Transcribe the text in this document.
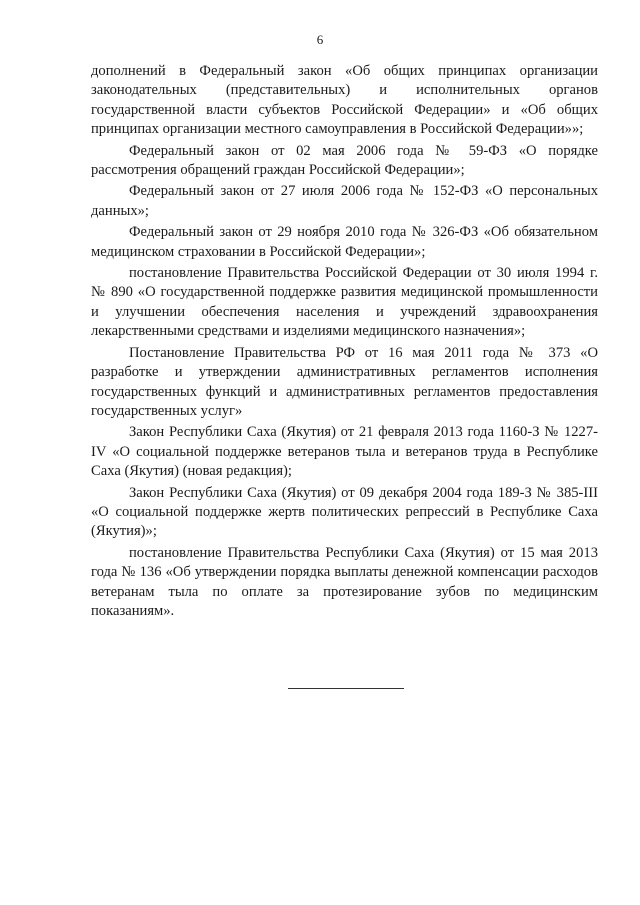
6

дополнений в Федеральный закон «Об общих принципах организации законодательных (представительных) и исполнительных органов государственной власти субъектов Российской Федерации» и «Об общих принципах организации местного самоуправления в Российской Федерации»»;

Федеральный закон от 02 мая 2006 года № 59-ФЗ «О порядке рассмотрения обращений граждан Российской Федерации»;

Федеральный закон от 27 июля 2006 года № 152-ФЗ «О персональных данных»;

Федеральный закон от 29 ноября 2010 года № 326-ФЗ «Об обязательном медицинском страховании в Российской Федерации»;

постановление Правительства Российской Федерации от 30 июля 1994 г. № 890 «О государственной поддержке развития медицинской промышленности и улучшении обеспечения населения и учреждений здравоохранения лекарственными средствами и изделиями медицинского назначения»;

Постановление Правительства РФ от 16 мая 2011 года № 373 «О разработке и утверждении административных регламентов исполнения государственных функций и административных регламентов предоставления государственных услуг»

Закон Республики Саха (Якутия) от 21 февраля 2013 года 1160-З № 1227-IV «О социальной поддержке ветеранов тыла и ветеранов труда в Республике Саха (Якутия) (новая редакция);

Закон Республики Саха (Якутия) от 09 декабря 2004 года 189-З № 385-III «О социальной поддержке жертв политических репрессий в Республике Саха (Якутия)»;

постановление Правительства Республики Саха (Якутия) от 15 мая 2013 года № 136 «Об утверждении порядка выплаты денежной компенсации расходов ветеранам тыла по оплате за протезирование зубов по медицинским показаниям».
